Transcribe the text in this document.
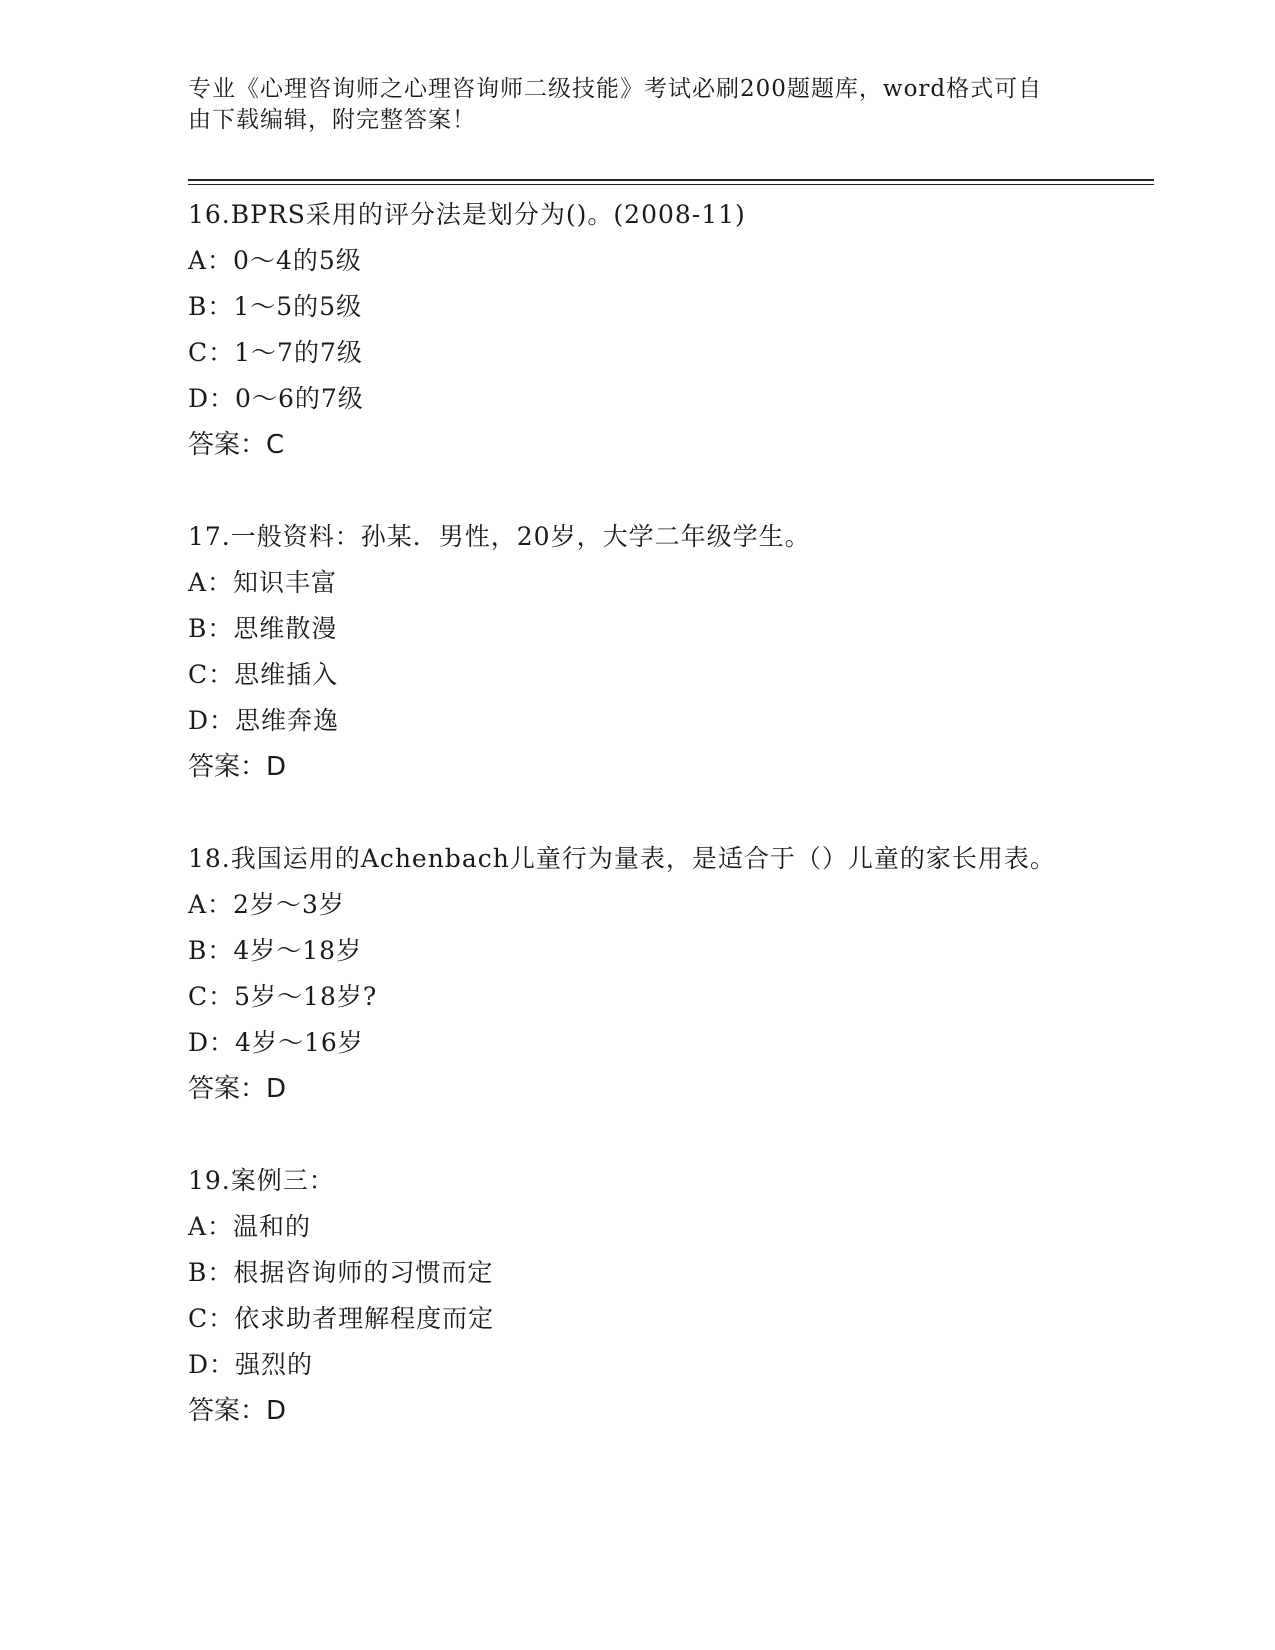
专业《心理咨询师之心理咨询师二级技能》考试必刷200题题库，word格式可自
由下载编辑，附完整答案！
16.BPRS采用的评分法是划分为()。(2008-11)
A：0～4的5级
B：1～5的5级
C：1～7的7级
D：0～6的7级
答案：C
17.一般资料：孙某．男性，20岁，大学二年级学生。
A：知识丰富
B：思维散漫
C：思维插入
D：思维奔逸
答案：D
18.我国运用的Achenbach儿童行为量表，是适合于（）儿童的家长用表。
A：2岁～3岁
B：4岁～18岁
C：5岁～18岁?
D：4岁～16岁
答案：D
19.案例三：
A：温和的
B：根据咨询师的习惯而定
C：依求助者理解程度而定
D：强烈的
答案：D
